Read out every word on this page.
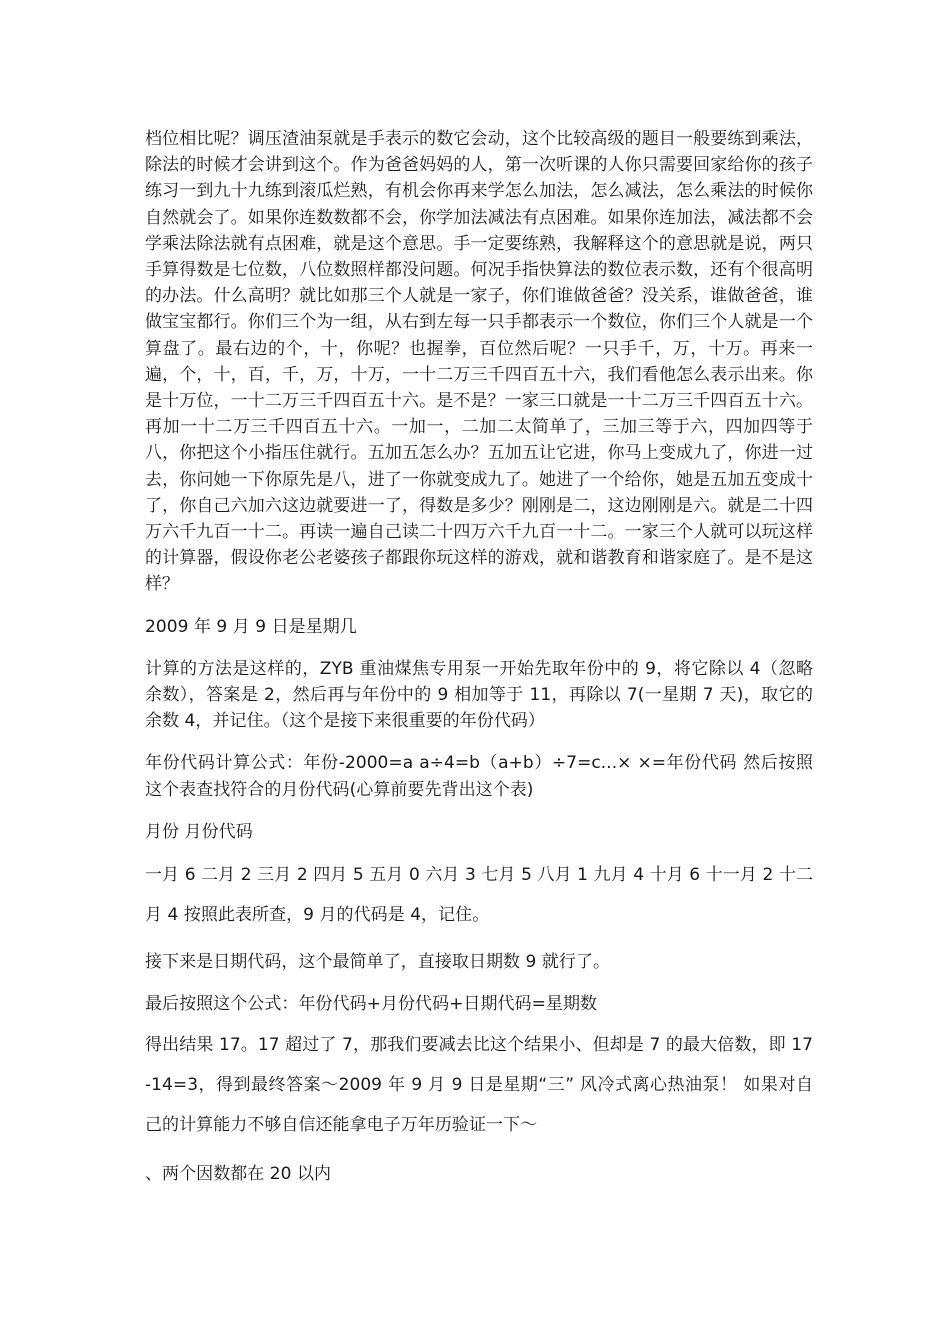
档位相比呢？调压渣油泵就是手表示的数它会动，这个比较高级的题目一般要练到乘法，除法的时候才会讲到这个。作为爸爸妈妈的人，第一次听课的人你只需要回家给你的孩子练习一到九十九练到滚瓜烂熟，有机会你再来学怎么加法，怎么减法，怎么乘法的时候你自然就会了。如果你连数数都不会，你学加法减法有点困难。如果你连加法，减法都不会学乘法除法就有点困难，就是这个意思。手一定要练熟，我解释这个的意思就是说，两只手算得数是七位数，八位数照样都没问题。何况手指快算法的数位表示数，还有个很高明的办法。什么高明？就比如那三个人就是一家子，你们谁做爸爸？没关系，谁做爸爸，谁做宝宝都行。你们三个为一组，从右到左每一只手都表示一个数位，你们三个人就是一个算盘了。最右边的个，十，你呢？也握拳，百位然后呢？一只手千，万，十万。再来一遍，个，十，百，千，万，十万，一十二万三千四百五十六，我们看他怎么表示出来。你是十万位，一十二万三千四百五十六。是不是？一家三口就是一十二万三千四百五十六。再加一十二万三千四百五十六。一加一，二加二太简单了，三加三等于六，四加四等于八，你把这个小指压住就行。五加五怎么办？五加五让它进，你马上变成九了，你进一过去，你问她一下你原先是八，进了一你就变成九了。她进了一个给你，她是五加五变成十了，你自己六加六这边就要进一了，得数是多少？刚刚是二，这边刚刚是六。就是二十四万六千九百一十二。再读一遍自己读二十四万六千九百一十二。一家三个人就可以玩这样的计算器，假设你老公老婆孩子都跟你玩这样的游戏，就和谐教育和谐家庭了。是不是这样？

2009 年 9 月 9 日是星期几

计算的方法是这样的，ZYB 重油煤焦专用泵一开始先取年份中的 9，将它除以 4（忽略余数），答案是 2，然后再与年份中的 9 相加等于 11，再除以 7(一星期 7 天)，取它的余数 4，并记住。（这个是接下来很重要的年份代码）

年份代码计算公式：年份-2000=a a÷4=b（a+b）÷7=c...× ×=年份代码 然后按照这个表查找符合的月份代码(心算前要先背出这个表)

月份 月份代码

一月 6 二月 2 三月 2 四月 5 五月 0 六月 3 七月 5 八月 1 九月 4 十月 6 十一月 2 十二月 4 按照此表所查，9 月的代码是 4，记住。

接下来是日期代码，这个最简单了，直接取日期数 9 就行了。

最后按照这个公式：年份代码+月份代码+日期代码=星期数

得出结果 17。17 超过了 7，那我们要减去比这个结果小、但却是 7 的最大倍数，即 17-14=3，得到最终答案～2009 年 9 月 9 日是星期“三” 风冷式离心热油泵！ 如果对自己的计算能力不够自信还能拿电子万年历验证一下～

、两个因数都在 20 以内
